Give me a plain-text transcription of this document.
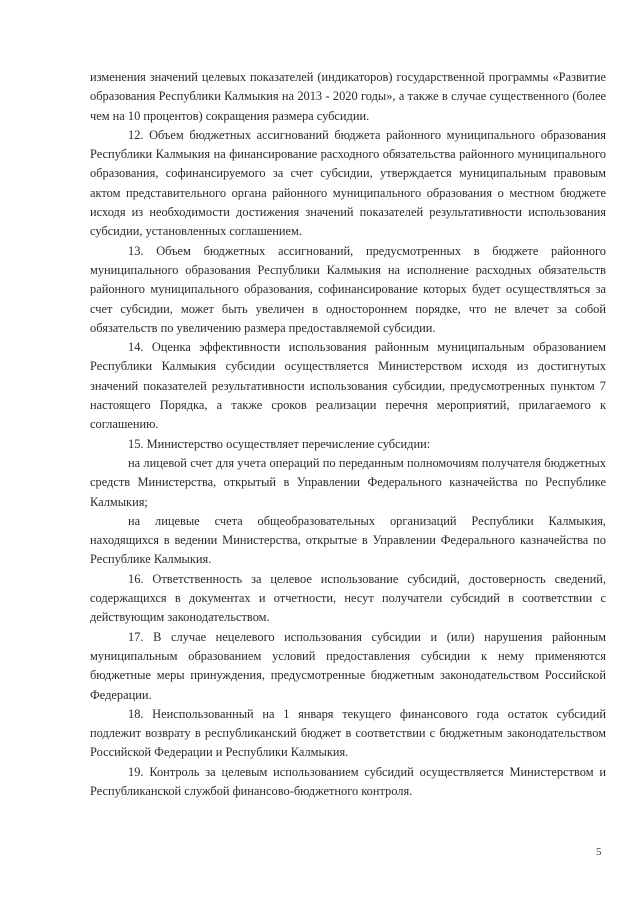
изменения значений целевых показателей (индикаторов) государственной программы «Развитие образования Республики Калмыкия на 2013 - 2020 годы», а также в случае существенного (более чем на 10 процентов) сокращения размера субсидии.

12. Объем бюджетных ассигнований бюджета районного муниципального образования Республики Калмыкия на финансирование расходного обязательства районного муниципального образования, софинансируемого за счет субсидии, утверждается муниципальным правовым актом представительного органа районного муниципального образования о местном бюджете исходя из необходимости достижения значений показателей результативности использования субсидии, установленных соглашением.

13. Объем бюджетных ассигнований, предусмотренных в бюджете районного муниципального образования Республики Калмыкия на исполнение расходных обязательств районного муниципального образования, софинансирование которых будет осуществляться за счет субсидии, может быть увеличен в одностороннем порядке, что не влечет за собой обязательств по увеличению размера предоставляемой субсидии.

14. Оценка эффективности использования районным муниципальным образованием Республики Калмыкия субсидии осуществляется Министерством исходя из достигнутых значений показателей результативности использования субсидии, предусмотренных пунктом 7 настоящего Порядка, а также сроков реализации перечня мероприятий, прилагаемого к соглашению.

15. Министерство осуществляет перечисление субсидии:

на лицевой счет для учета операций по переданным полномочиям получателя бюджетных средств Министерства, открытый в Управлении Федерального казначейства по Республике Калмыкия;

на лицевые счета общеобразовательных организаций Республики Калмыкия, находящихся в ведении Министерства, открытые в Управлении Федерального казначейства по Республике Калмыкия.

16. Ответственность за целевое использование субсидий, достоверность сведений, содержащихся в документах и отчетности, несут получатели субсидий в соответствии с действующим законодательством.

17. В случае нецелевого использования субсидии и (или) нарушения районным муниципальным образованием условий предоставления субсидии к нему применяются бюджетные меры принуждения, предусмотренные бюджетным законодательством Российской Федерации.

18. Неиспользованный на 1 января текущего финансового года остаток субсидий подлежит возврату в республиканский бюджет в соответствии с бюджетным законодательством Российской Федерации и Республики Калмыкия.

19. Контроль за целевым использованием субсидий осуществляется Министерством и Республиканской службой финансово-бюджетного контроля.

5
